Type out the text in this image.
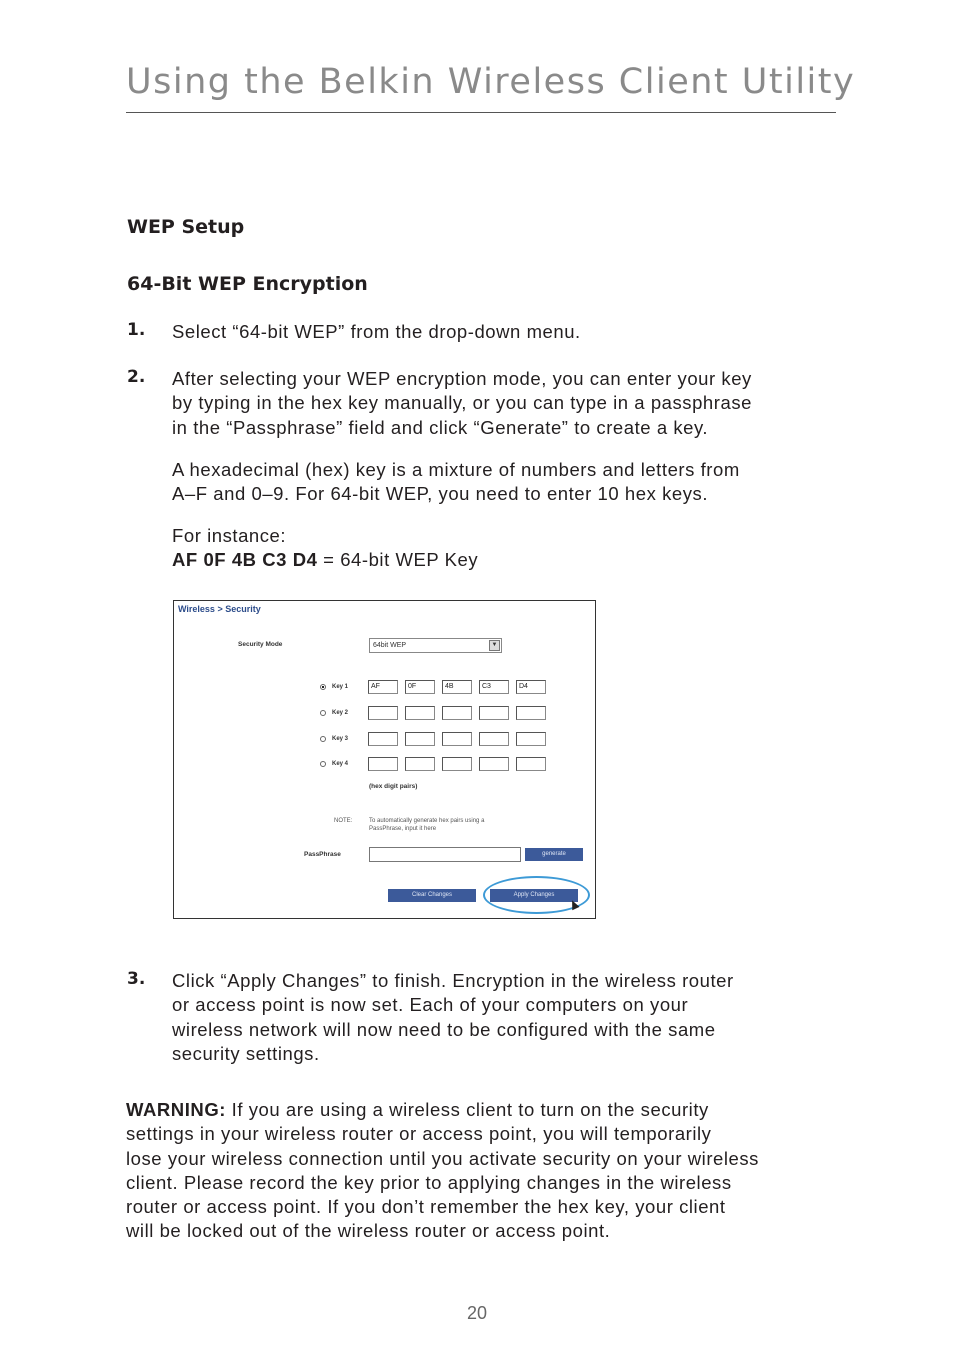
Using the Belkin Wireless Client Utility
WEP Setup
64-Bit WEP Encryption
1. Select “64-bit WEP” from the drop-down menu.
2. After selecting your WEP encryption mode, you can enter your key
by typing in the hex key manually, or you can type in a passphrase
in the “Passphrase” field and click “Generate” to create a key.
A hexadecimal (hex) key is a mixture of numbers and letters from
A–F and 0–9. For 64-bit WEP, you need to enter 10 hex keys.
For instance:
AF 0F 4B C3 D4 = 64-bit WEP Key
Wireless > Security
Security Mode	64bit WEP	▼
Key 1	AF	0F	4B	C3	D4
Key 2
Key 3
Key 4
(hex digit pairs)
NOTE:	To automatically generate hex pairs using a
PassPhrase, input it here
PassPhrase	generate
Clear Changes	Apply Changes
3. Click “Apply Changes” to finish. Encryption in the wireless router
or access point is now set. Each of your computers on your
wireless network will now need to be configured with the same
security settings.
WARNING: If you are using a wireless client to turn on the security
settings in your wireless router or access point, you will temporarily
lose your wireless connection until you activate security on your wireless
client. Please record the key prior to applying changes in the wireless
router or access point. If you don’t remember the hex key, your client
will be locked out of the wireless router or access point.
20
